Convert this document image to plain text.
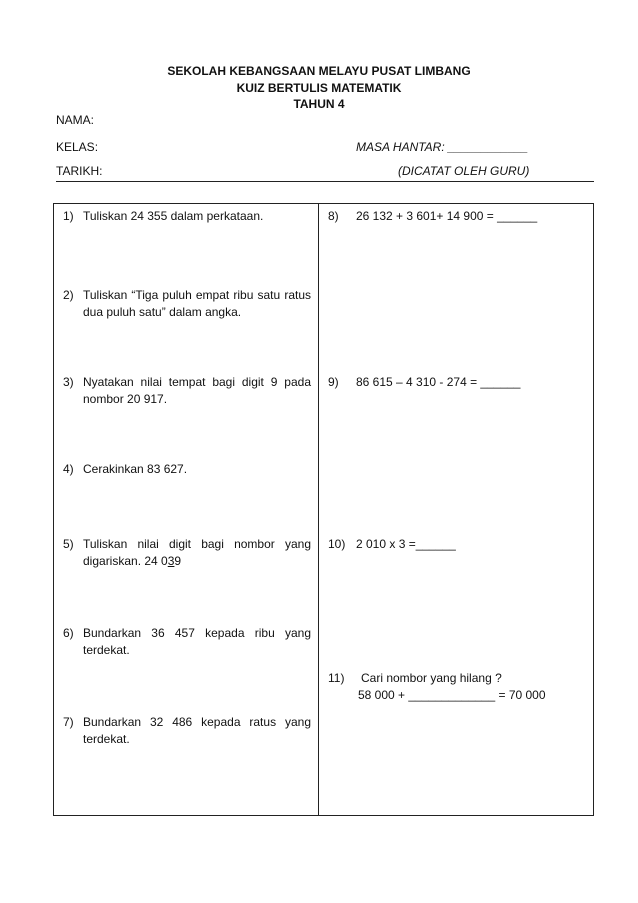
SEKOLAH KEBANGSAAN MELAYU PUSAT LIMBANG
KUIZ BERTULIS MATEMATIK
TAHUN 4
NAMA:
KELAS:	MASA HANTAR: ____________
TARIKH:	(DICATAT OLEH GURU)
1) Tuliskan 24 355 dalam perkataan.
2) Tuliskan “Tiga puluh empat ribu satu ratus dua puluh satu” dalam angka.
3) Nyatakan nilai tempat bagi digit 9 pada nombor 20 917.
4) Cerakinkan 83 627.
5) Tuliskan nilai digit bagi nombor yang digariskan. 24 039
6) Bundarkan 36 457 kepada ribu yang terdekat.
7) Bundarkan 32 486 kepada ratus yang terdekat.
8) 26 132 + 3 601+ 14 900 = ______
9) 86 615 – 4 310 - 274 = ______
10) 2 010 x 3 =______
11) Cari nombor yang hilang ?
58 000 + _____________ = 70 000
